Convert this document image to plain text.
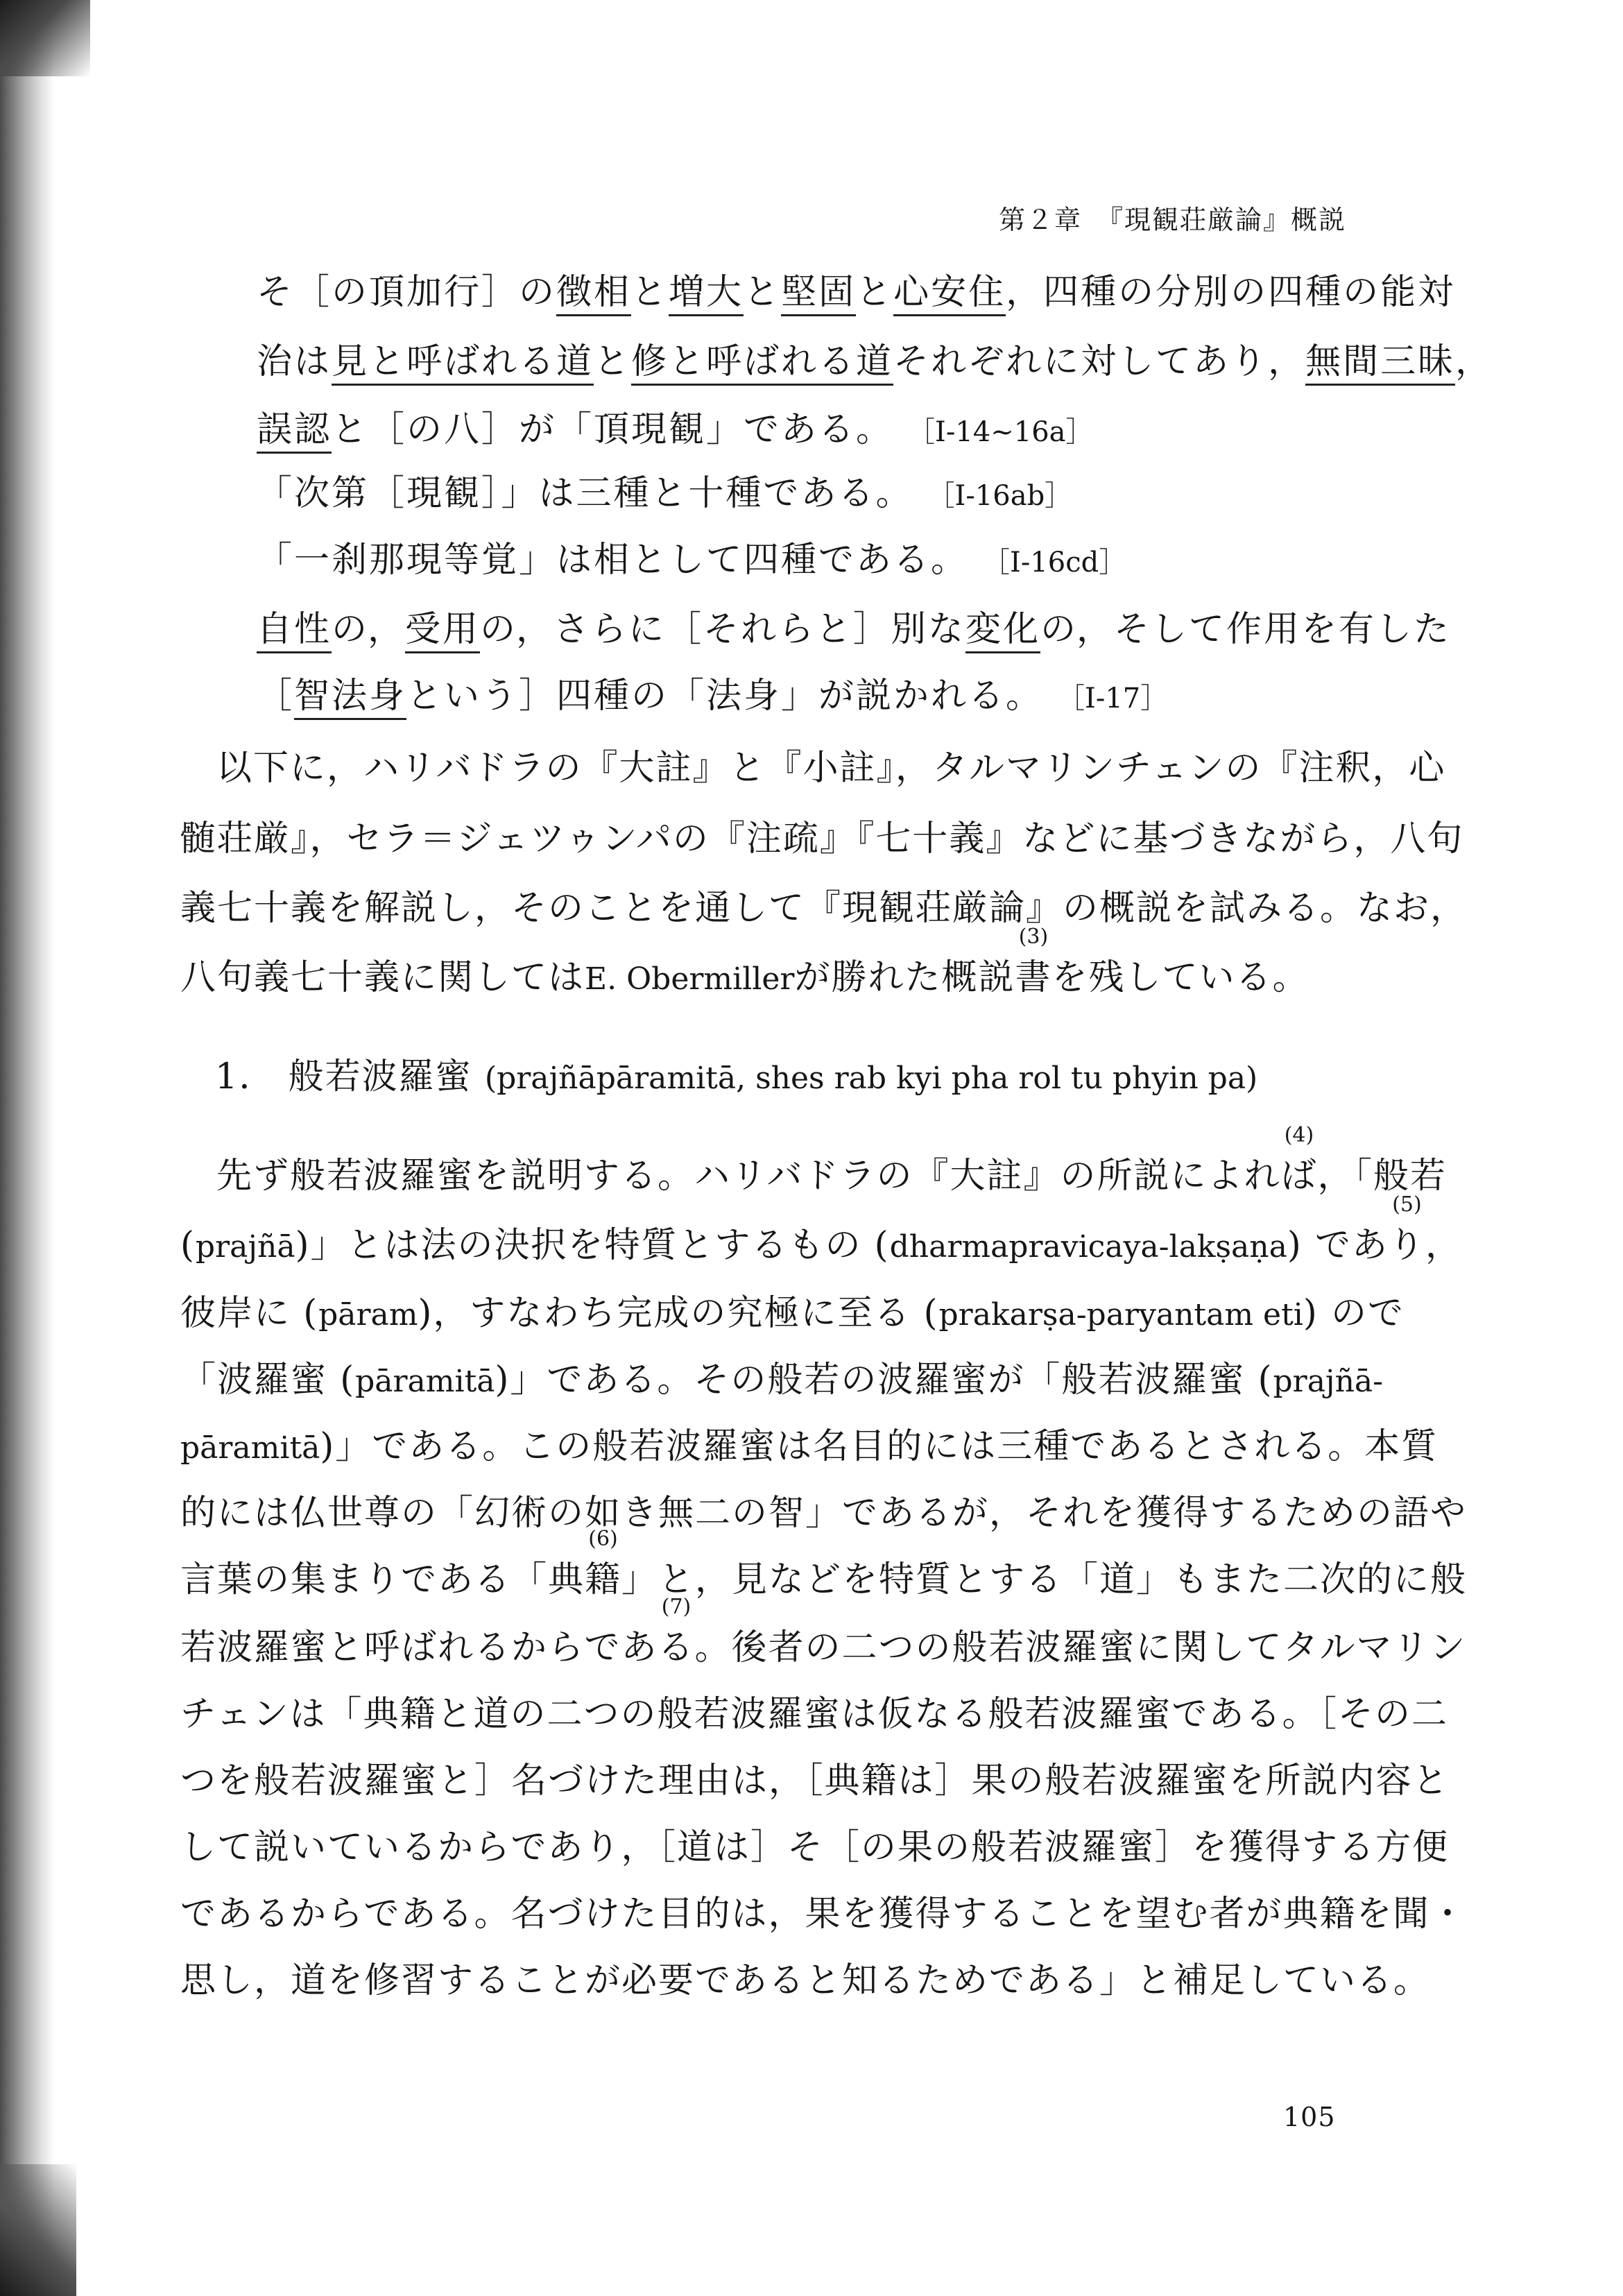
第２章　『現観荘厳論』概説
そ［の頂加行］の徴相と増大と堅固と心安住，四種の分別の四種の能対
治は見と呼ばれる道と修と呼ばれる道それぞれに対してあり，無間三昧，
誤認と［の八］が「頂現観」である。 ［I-14~16a］
「次第［現観］」は三種と十種である。 ［I-16ab］
「一刹那現等覚」は相として四種である。 ［I-16cd］
自性の，受用の，さらに［それらと］別な変化の，そして作用を有した
［智法身という］四種の「法身」が説かれる。 ［I-17］
以下に，ハリバドラの『大註』と『小註』，タルマリンチェンの『注釈，心
髄荘厳』，セラ＝ジェツゥンパの『注疏』『七十義』などに基づきながら，八句
義七十義を解説し，そのことを通して『現観荘厳論』の概説を試みる。なお，
八句義七十義に関してはE. Obermillerが勝れた概説書
(3)
を残している。
1． 般若波羅蜜 (prajñāpāramitā, shes rab kyi pha rol tu phyin pa)
先ず般若波羅蜜を説明する。ハリバドラの『大註』の所説によれば
(4)
，「般若
(prajñā)」とは法の決択を特質とするもの (dharmapravicaya-lakṣaṇa) であり
(5)
，
彼岸に (pāram)，すなわち完成の究極に至る (prakarṣa-paryantam eti) ので
「波羅蜜 (pāramitā)」である。その般若の波羅蜜が「般若波羅蜜 (prajñā-
pāramitā)」である。この般若波羅蜜は名目的には三種であるとされる。本質
的には仏世尊の「幻術の如き無二の智」であるが，それを獲得するための語や
言葉の集まりである「典籍
(6)
」と，見などを特質とする「道」もまた二次的に般
若波羅蜜と呼ばれるからである
(7)
。後者の二つの般若波羅蜜に関してタルマリン
チェンは「典籍と道の二つの般若波羅蜜は仮なる般若波羅蜜である。［その二
つを般若波羅蜜と］名づけた理由は，［典籍は］果の般若波羅蜜を所説内容と
して説いているからであり，［道は］そ［の果の般若波羅蜜］を獲得する方便
であるからである。名づけた目的は，果を獲得することを望む者が典籍を聞・
思し，道を修習することが必要であると知るためである」と補足している。
105
